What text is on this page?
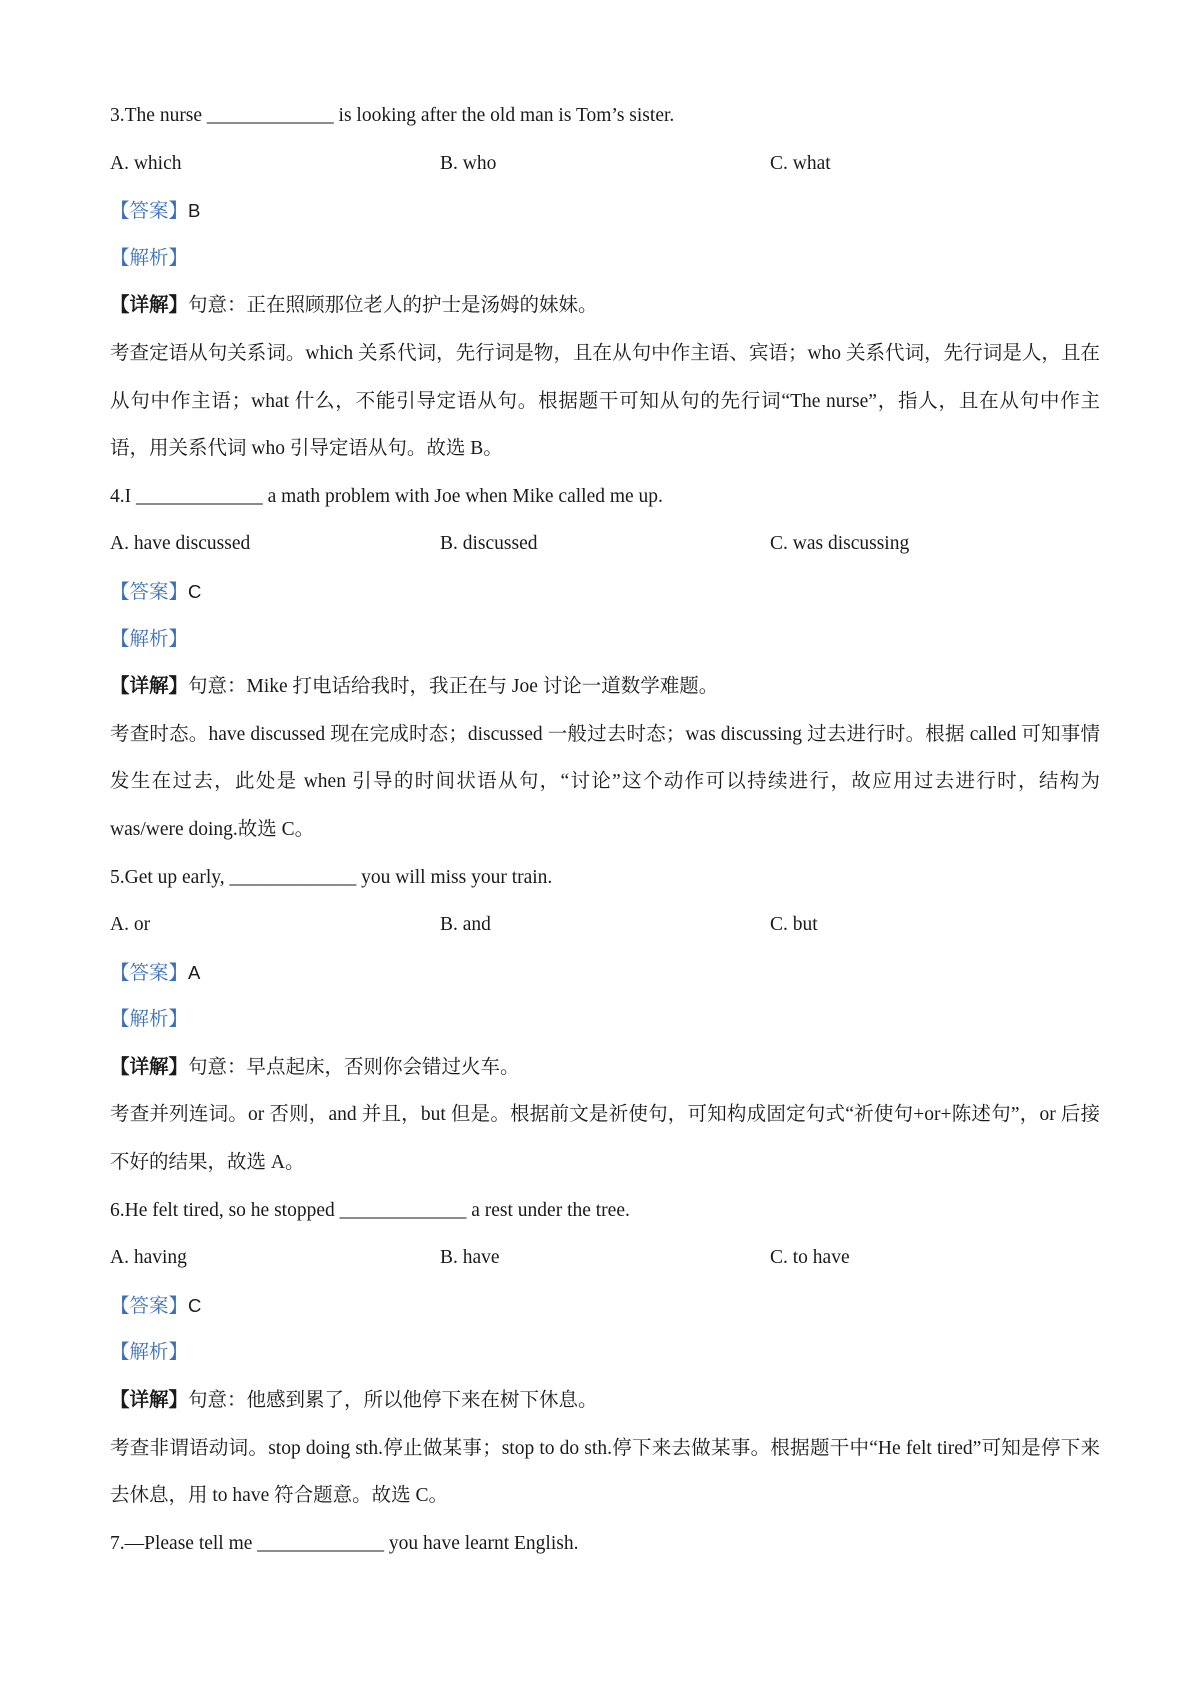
3.The nurse _____________ is looking after the old man is Tom’s sister.
A. which	B. who	C. what
【答案】B
【解析】
【详解】句意：正在照顾那位老人的护士是汤姆的妹妹。
考查定语从句关系词。which 关系代词，先行词是物，且在从句中作主语、宾语；who 关系代词，先行词是人，且在从句中作主语；what 什么，不能引导定语从句。根据题干可知从句的先行词“The nurse”，指人，且在从句中作主语，用关系代词 who 引导定语从句。故选 B。
4.I _____________ a math problem with Joe when Mike called me up.
A. have discussed	B. discussed	C. was discussing
【答案】C
【解析】
【详解】句意：Mike 打电话给我时，我正在与 Joe 讨论一道数学难题。
考查时态。have discussed 现在完成时态；discussed 一般过去时态；was discussing 过去进行时。根据 called 可知事情发生在过去，此处是 when 引导的时间状语从句，“讨论”这个动作可以持续进行，故应用过去进行时，结构为 was/were doing.故选 C。
5.Get up early, _____________ you will miss your train.
A. or	B. and	C. but
【答案】A
【解析】
【详解】句意：早点起床，否则你会错过火车。
考查并列连词。or 否则，and 并且，but 但是。根据前文是祈使句，可知构成固定句式“祈使句+or+陈述句”，or 后接不好的结果，故选 A。
6.He felt tired, so he stopped _____________ a rest under the tree.
A. having	B. have	C. to have
【答案】C
【解析】
【详解】句意：他感到累了，所以他停下来在树下休息。
考查非谓语动词。stop doing sth.停止做某事；stop to do sth.停下来去做某事。根据题干中“He felt tired”可知是停下来去休息，用 to have 符合题意。故选 C。
7.—Please tell me _____________ you have learnt English.
